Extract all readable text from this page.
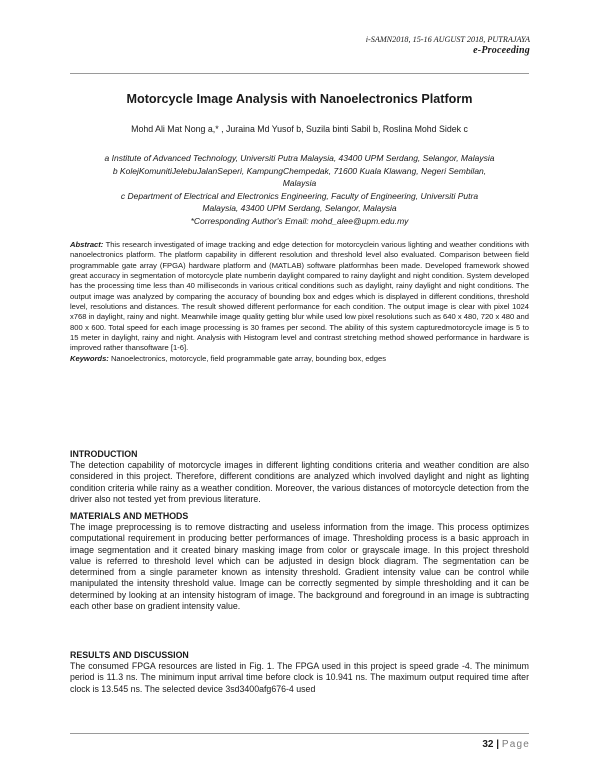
i-SAMN2018, 15-16 AUGUST 2018, PUTRAJAYA
e-Proceeding
Motorcycle Image Analysis with Nanoelectronics Platform
Mohd Ali Mat Nong a,* , Juraina Md Yusof b, Suzila binti Sabil b, Roslina Mohd Sidek c
a Institute of Advanced Technology, Universiti Putra Malaysia, 43400 UPM Serdang, Selangor, Malaysia
b KolejKomunitiJelebuJalanSeperi, KampungChempedak, 71600 Kuala Klawang, Negeri Sembilan,
Malaysia
c Department of Electrical and Electronics Engineering, Faculty of Engineering, Universiti Putra
Malaysia, 43400 UPM Serdang, Selangor, Malaysia
*Corresponding Author's Email: mohd_alee@upm.edu.my
Abstract: This research investigated of image tracking and edge detection for motorcyclein various lighting and weather conditions with nanoelectronics platform. The platform capability in different resolution and threshold level also evaluated. Comparison between field programmable gate array (FPGA) hardware platform and (MATLAB) software platformhas been made. Developed framework showed great accuracy in segmentation of motorcycle plate numberin daylight compared to rainy daylight and night condition. System developed has the processing time less than 40 milliseconds in various critical conditions such as daylight, rainy daylight and night conditions. The output image was analyzed by comparing the accuracy of bounding box and edges which is displayed in different conditions, threshold level, resolutions and distances. The result showed different performance for each condition. The output image is clear with pixel 1024 x768 in daylight, rainy and night. Meanwhile image quality getting blur while used low pixel resolutions such as 640 x 480, 720 x 480 and 800 x 600. Total speed for each image processing is 30 frames per second. The ability of this system capturedmotorcycle image is 5 to 15 meter in daylight, rainy and night. Analysis with Histogram level and contrast stretching method showed performance in hardware is improved rather thansoftware [1-6].
Keywords: Nanoelectronics, motorcycle, field programmable gate array, bounding box, edges
INTRODUCTION

The detection capability of motorcycle images in different lighting conditions criteria and weather condition are also considered in this project. Therefore, different conditions are analyzed which involved daylight and night as lighting condition criteria while rainy as a weather condition. Moreover, the various distances of motorcycle detection from the driver also not tested yet from previous literature.

MATERIALS AND METHODS

The image preprocessing is to remove distracting and useless information from the image. This process optimizes computational requirement in producing better performances of image. Thresholding process is a basic approach in image segmentation and it created binary masking image from color or grayscale image. In this project threshold value is referred to threshold level which can be adjusted in design block diagram. The segmentation can be determined from a single parameter known as intensity threshold. Gradient intensity value can be control while manipulated the intensity threshold value. Image can be correctly segmented by simple thresholding and it can be determined by looking at an intensity histogram of image. The background and foreground in an image is subtracting each other base on gradient intensity value.

RESULTS AND DISCUSSION

The consumed FPGA resources are listed in Fig. 1. The FPGA used in this project is speed grade -4. The minimum period is 11.3 ns. The minimum input arrival time before clock is 10.941 ns. The maximum output required time after clock is 13.545 ns. The selected device 3sd3400afg676-4 used

32 | Page
